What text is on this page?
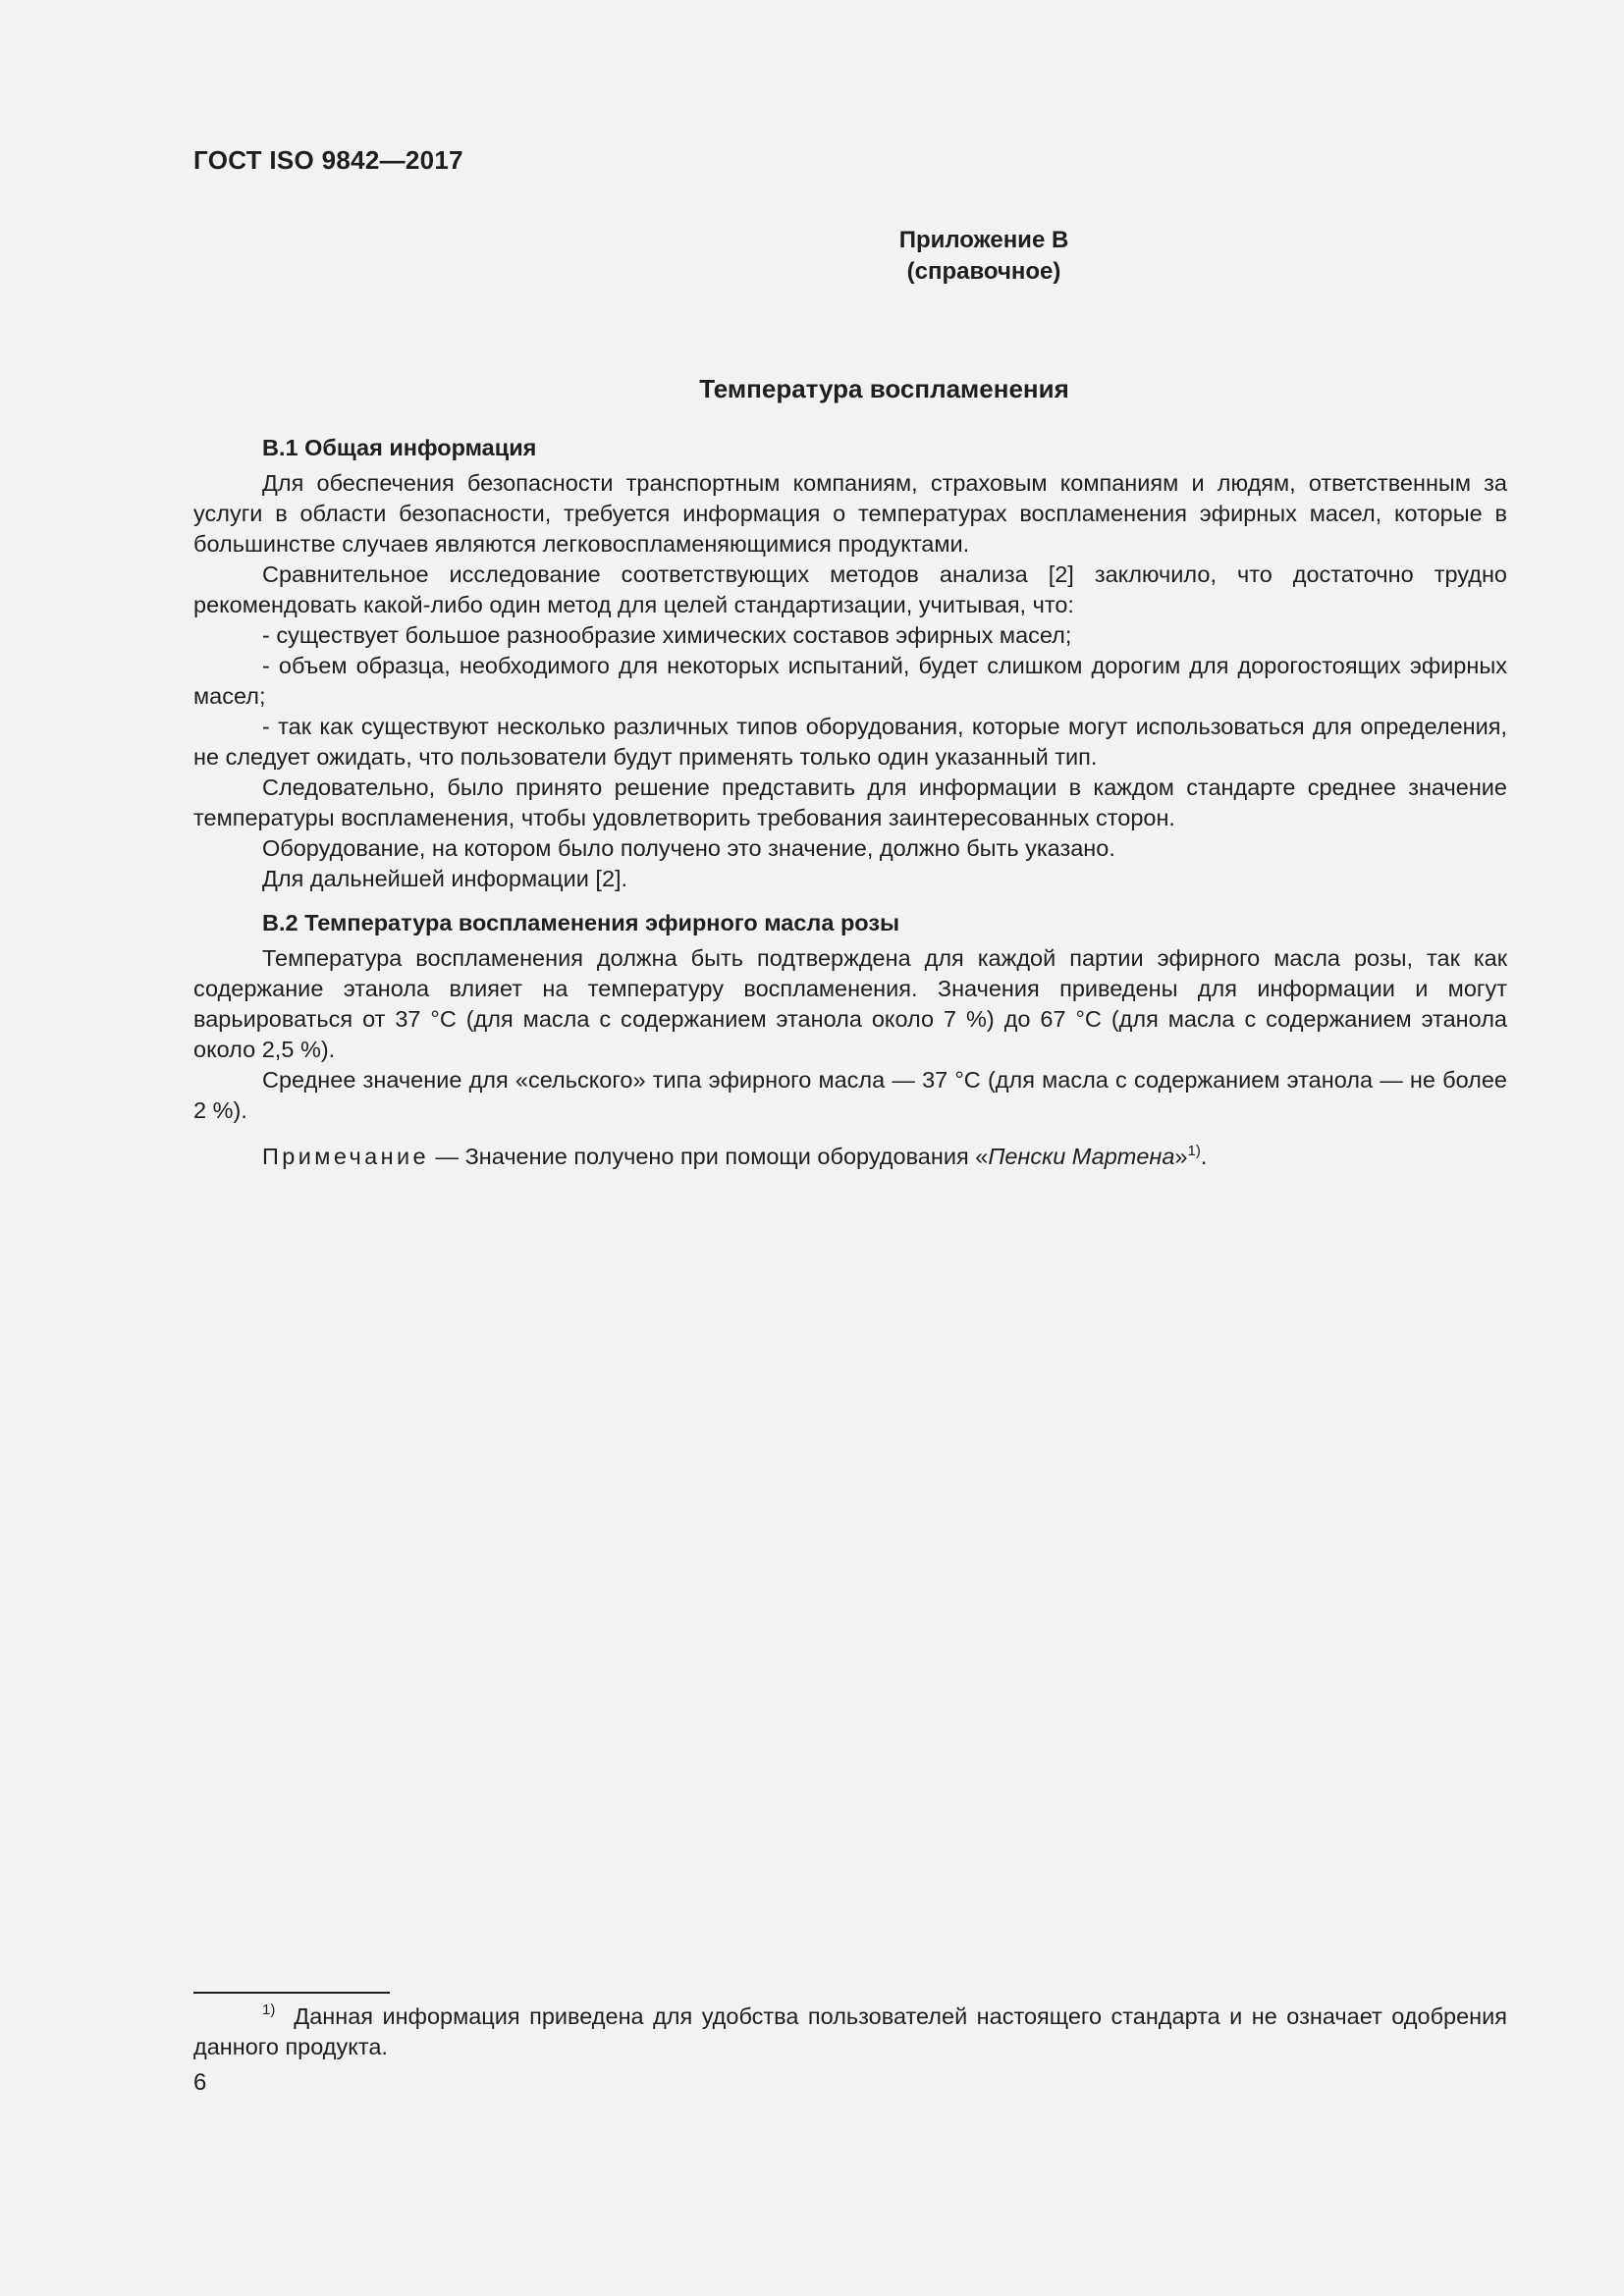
ГОСТ ISO 9842—2017
Приложение В
(справочное)
Температура воспламенения
В.1 Общая информация

Для обеспечения безопасности транспортным компаниям, страховым компаниям и людям, ответственным за услуги в области безопасности, требуется информация о температурах воспламенения эфирных масел, которые в большинстве случаев являются легковоспламеняющимися продуктами.

Сравнительное исследование соответствующих методов анализа [2] заключило, что достаточно трудно рекомендовать какой-либо один метод для целей стандартизации, учитывая, что:

- существует большое разнообразие химических составов эфирных масел;

- объем образца, необходимого для некоторых испытаний, будет слишком дорогим для дорогостоящих эфирных масел;

- так как существуют несколько различных типов оборудования, которые могут использоваться для определения, не следует ожидать, что пользователи будут применять только один указанный тип.

Следовательно, было принято решение представить для информации в каждом стандарте среднее значение температуры воспламенения, чтобы удовлетворить требования заинтересованных сторон.

Оборудование, на котором было получено это значение, должно быть указано.

Для дальнейшей информации [2].

В.2 Температура воспламенения эфирного масла розы

Температура воспламенения должна быть подтверждена для каждой партии эфирного масла розы, так как содержание этанола влияет на температуру воспламенения. Значения приведены для информации и могут варьироваться от 37 °С (для масла с содержанием этанола около 7 %) до 67 °С (для масла с содержанием этанола около 2,5 %).

Среднее значение для «сельского» типа эфирного масла — 37 °С (для масла с содержанием этанола — не более 2 %).

Примечание — Значение получено при помощи оборудования «Пенски Мартена»$^{1)}$.

$^{1)}$ Данная информация приведена для удобства пользователей настоящего стандарта и не означает одобрения данного продукта.
6
